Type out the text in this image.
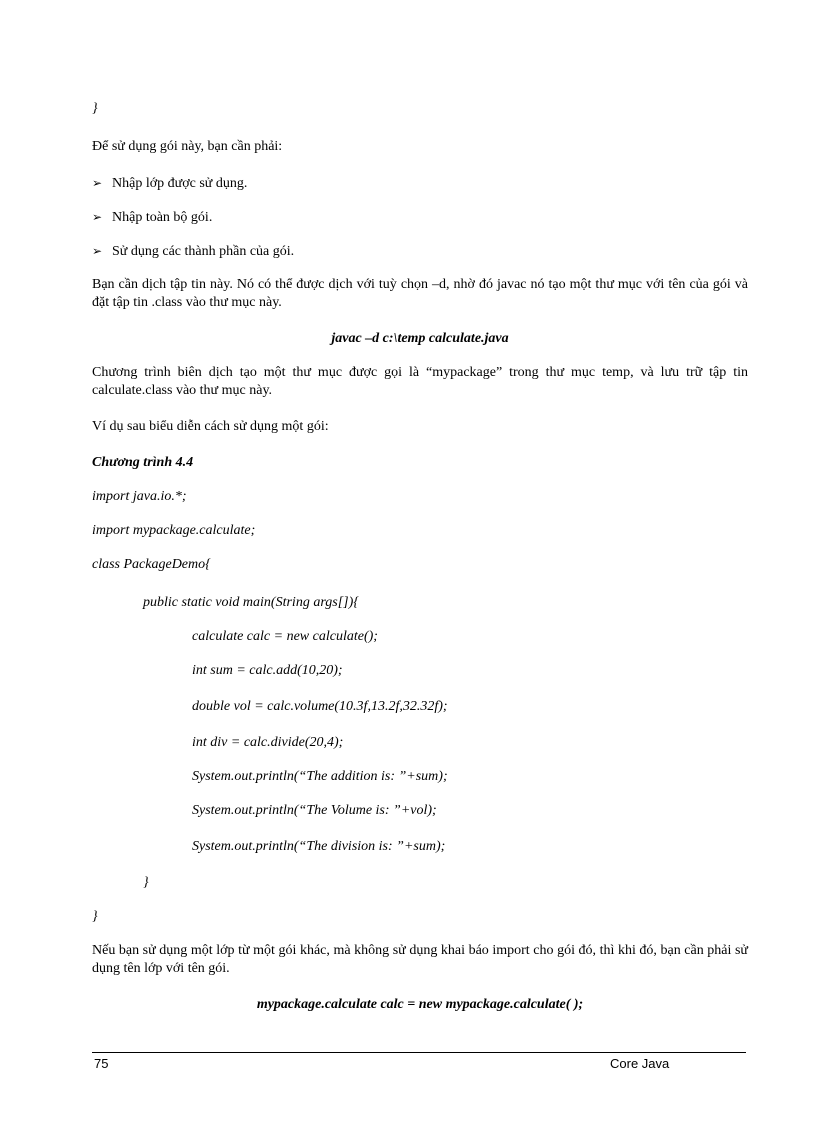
}
Để sử dụng gói này, bạn cần phải:
➢ Nhập lớp được sử dụng.
➢ Nhập toàn bộ gói.
➢ Sử dụng các thành phần của gói.
Bạn cần dịch tập tin này. Nó có thể được dịch với tuỳ chọn –d, nhờ đó javac nó tạo một thư mục với tên của gói và đặt tập tin .class vào thư mục này.
javac –d c:\temp calculate.java
Chương trình biên dịch tạo một thư mục được gọi là “mypackage” trong thư mục temp, và lưu trữ tập tin calculate.class vào thư mục này.
Ví dụ sau biểu diễn cách sử dụng một gói:
Chương trình 4.4
import java.io.*;
import mypackage.calculate;
class PackageDemo{
public static void main(String args[]){
calculate calc = new calculate();
int sum = calc.add(10,20);
double vol = calc.volume(10.3f,13.2f,32.32f);
int div = calc.divide(20,4);
System.out.println(“The addition is: ”+sum);
System.out.println(“The Volume is: ”+vol);
System.out.println(“The division is: ”+sum);
}
}
Nếu bạn sử dụng một lớp từ một gói khác, mà không sử dụng khai báo import cho gói đó, thì khi đó, bạn cần phải sử dụng tên lớp với tên gói.
mypackage.calculate calc = new mypackage.calculate( );
75	Core Java
